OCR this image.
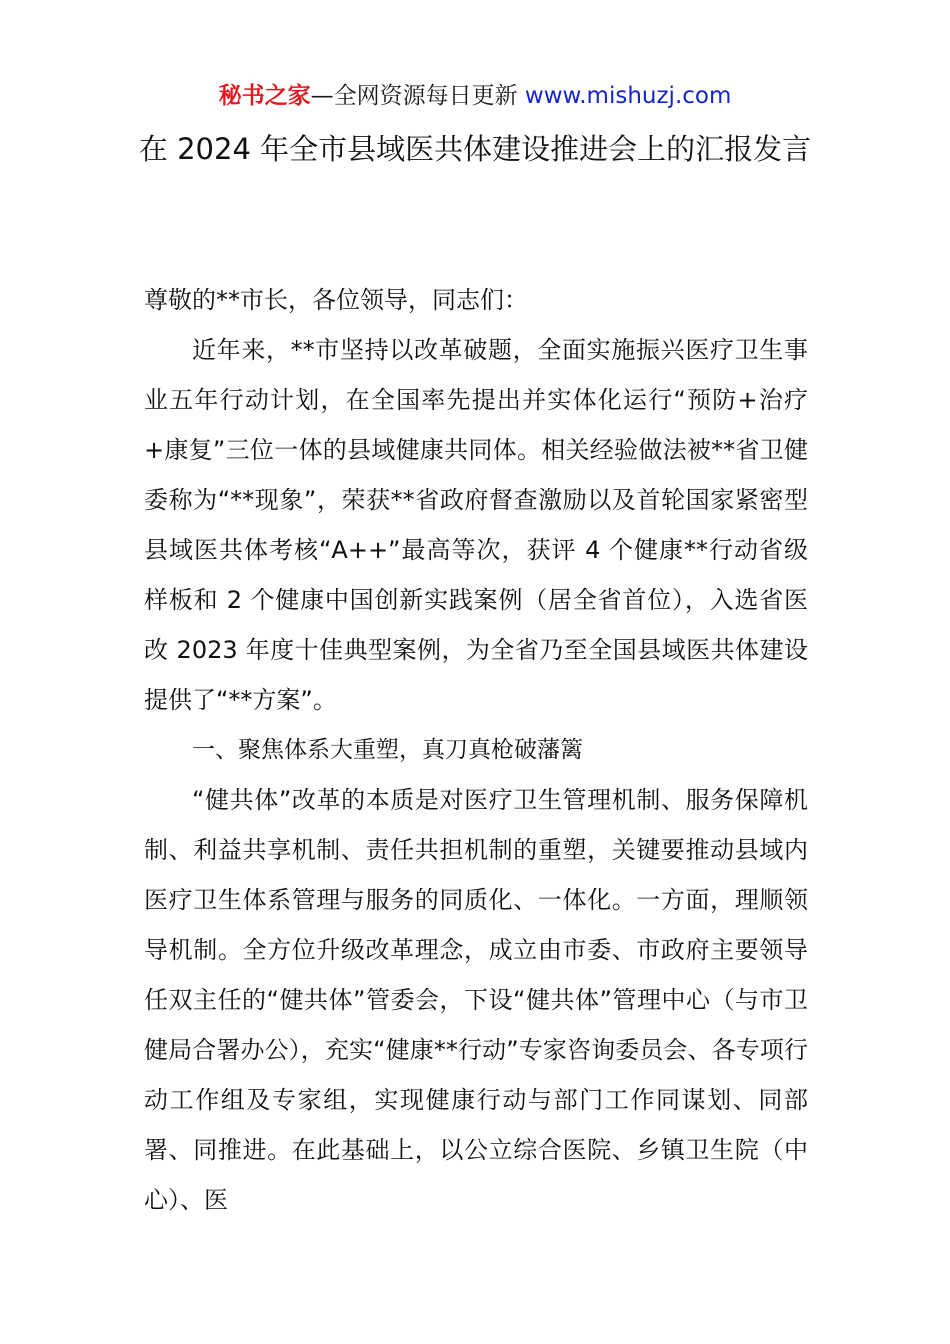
秘书之家—全网资源每日更新 www.mishuzj.com
在 2024 年全市县域医共体建设推进会上的汇报发言

尊敬的**市长，各位领导，同志们：

近年来，**市坚持以改革破题，全面实施振兴医疗卫生事业五年行动计划，在全国率先提出并实体化运行“预防+治疗+康复”三位一体的县域健康共同体。相关经验做法被**省卫健委称为“**现象”，荣获**省政府督查激励以及首轮国家紧密型县域医共体考核“A++”最高等次，获评 4 个健康**行动省级样板和 2 个健康中国创新实践案例（居全省首位），入选省医改 2023 年度十佳典型案例，为全省乃至全国县域医共体建设提供了“**方案”。

一、聚焦体系大重塑，真刀真枪破藩篱

“健共体”改革的本质是对医疗卫生管理机制、服务保障机制、利益共享机制、责任共担机制的重塑，关键要推动县域内医疗卫生体系管理与服务的同质化、一体化。一方面，理顺领导机制。全方位升级改革理念，成立由市委、市政府主要领导任双主任的“健共体”管委会，下设“健共体”管理中心（与市卫健局合署办公），充实“健康**行动”专家咨询委员会、各专项行动工作组及专家组，实现健康行动与部门工作同谋划、同部署、同推进。在此基础上，以公立综合医院、乡镇卫生院（中心）、医
